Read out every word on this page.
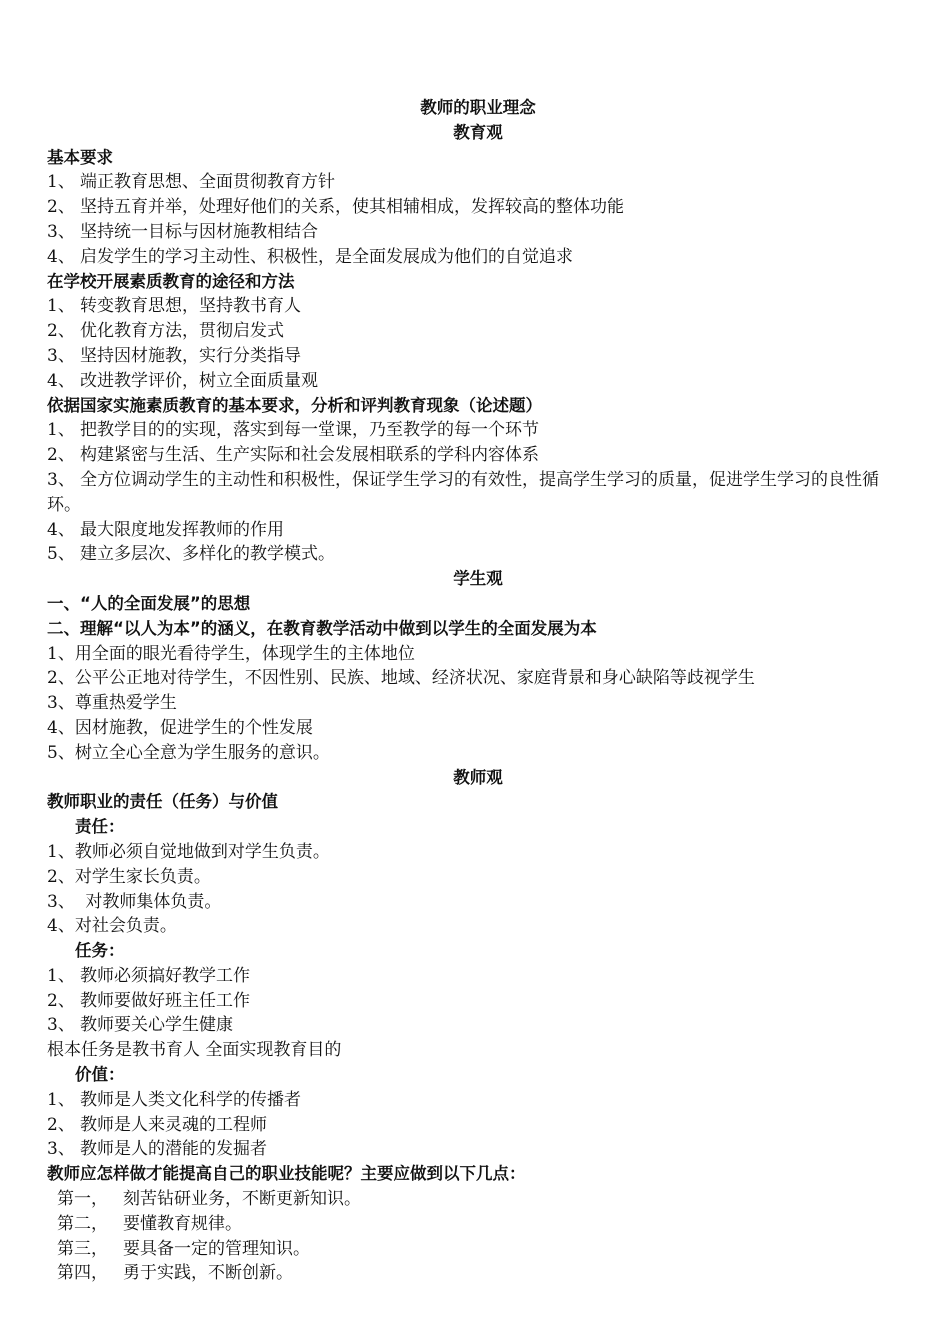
教师的职业理念
教育观
基本要求
1、 端正教育思想、全面贯彻教育方针
2、 坚持五育并举，处理好他们的关系，使其相辅相成，发挥较高的整体功能
3、 坚持统一目标与因材施教相结合
4、 启发学生的学习主动性、积极性，是全面发展成为他们的自觉追求
在学校开展素质教育的途径和方法
1、 转变教育思想，坚持教书育人
2、 优化教育方法，贯彻启发式
3、 坚持因材施教，实行分类指导
4、 改进教学评价，树立全面质量观
依据国家实施素质教育的基本要求，分析和评判教育现象（论述题）
1、 把教学目的的实现，落实到每一堂课，乃至教学的每一个环节
2、 构建紧密与生活、生产实际和社会发展相联系的学科内容体系
3、 全方位调动学生的主动性和积极性，保证学生学习的有效性，提高学生学习的质量，促进学生学习的良性循环。
4、 最大限度地发挥教师的作用
5、 建立多层次、多样化的教学模式。
学生观
一、“人的全面发展”的思想
二、理解“以人为本”的涵义，在教育教学活动中做到以学生的全面发展为本
1、用全面的眼光看待学生，体现学生的主体地位
2、公平公正地对待学生，不因性别、民族、地域、经济状况、家庭背景和身心缺陷等歧视学生
3、尊重热爱学生
4、因材施教，促进学生的个性发展
5、树立全心全意为学生服务的意识。
教师观
教师职业的责任（任务）与价值
责任：
1、教师必须自觉地做到对学生负责。
2、对学生家长负责。
3、 对教师集体负责。
4、对社会负责。
任务：
1、 教师必须搞好教学工作
2、 教师要做好班主任工作
3、 教师要关心学生健康
根本任务是教书育人 全面实现教育目的
价值：
1、 教师是人类文化科学的传播者
2、 教师是人来灵魂的工程师
3、 教师是人的潜能的发掘者
教师应怎样做才能提高自己的职业技能呢？主要应做到以下几点：
第一， 刻苦钻研业务，不断更新知识。
第二， 要懂教育规律。
第三， 要具备一定的管理知识。
第四， 勇于实践，不断创新。
